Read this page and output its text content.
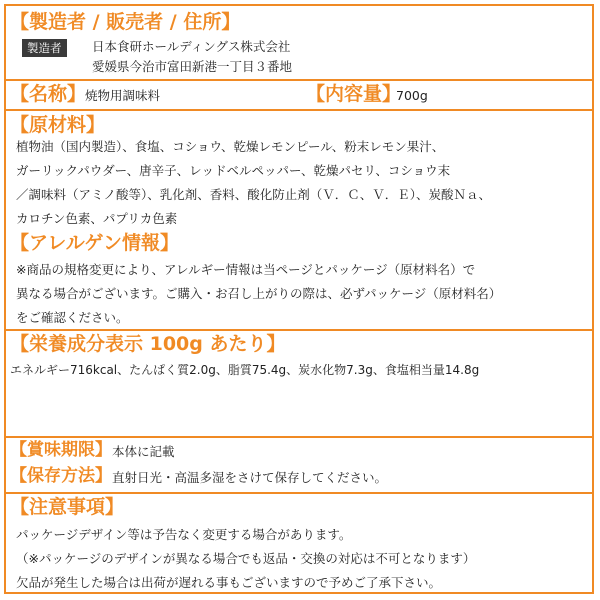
【製造者 / 販売者 / 住所】
製造者	日本食研ホールディングス株式会社
愛媛県今治市富田新港一丁目３番地
【名称】
焼物用調味料	【内容量】
700g
【原材料】
植物油（国内製造）、食塩、コショウ、乾燥レモンピール、粉末レモン果汁、
ガーリックパウダー、唐辛子、レッドベルペッパー、乾燥パセリ、コショウ末
／調味料（アミノ酸等）、乳化剤、香料、酸化防止剤（Ｖ．Ｃ、Ｖ．Ｅ）、炭酸Ｎａ、
カロチン色素、パプリカ色素
【アレルゲン情報】
※商品の規格変更により、アレルギー情報は当ページとパッケージ（原材料名）で
異なる場合がございます。ご購入・お召し上がりの際は、必ずパッケージ（原材料名）
をご確認ください。
【栄養成分表示 100g あたり】
エネルギー716kcal、たんぱく質2.0g、脂質75.4g、炭水化物7.3g、食塩相当量14.8g
【賞味期限】 本体に記載
【保存方法】 直射日光・高温多湿をさけて保存してください。
【注意事項】
パッケージデザイン等は予告なく変更する場合があります。
（※パッケージのデザインが異なる場合でも返品・交換の対応は不可となります）
欠品が発生した場合は出荷が遅れる事もございますので予めご了承下さい。
